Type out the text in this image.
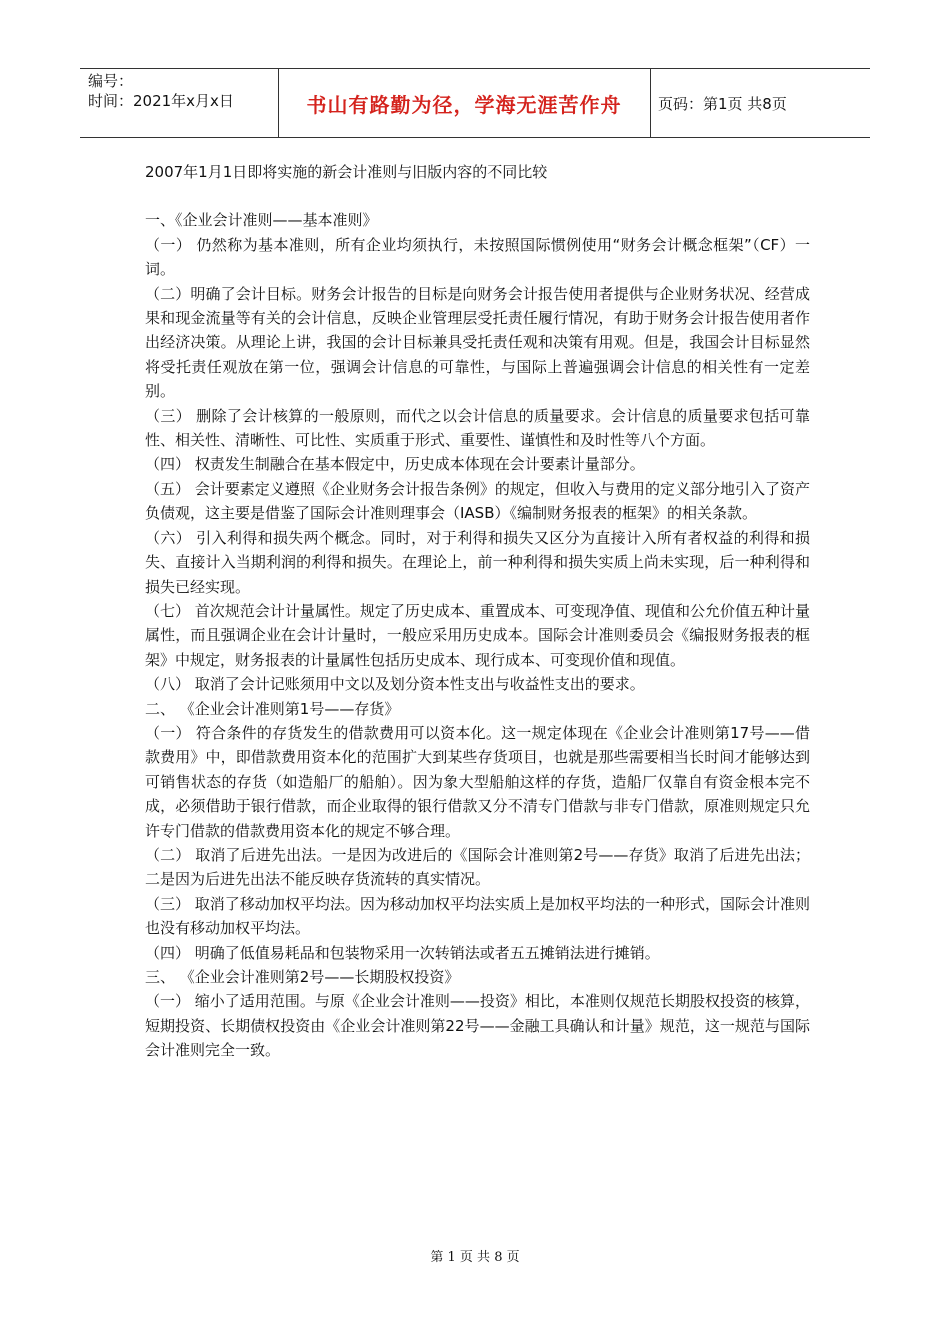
编号：
时间：2021年x月x日	书山有路勤为径，学海无涯苦作舟	页码：第1页 共8页

2007年1月1日即将实施的新会计准则与旧版内容的不同比较

一、《企业会计准则——基本准则》

（一） 仍然称为基本准则，所有企业均须执行，未按照国际惯例使用“财务会计概念框架”（CF）一词。

（二）明确了会计目标。财务会计报告的目标是向财务会计报告使用者提供与企业财务状况、经营成果和现金流量等有关的会计信息，反映企业管理层受托责任履行情况，有助于财务会计报告使用者作出经济决策。从理论上讲，我国的会计目标兼具受托责任观和决策有用观。但是，我国会计目标显然将受托责任观放在第一位，强调会计信息的可靠性，与国际上普遍强调会计信息的相关性有一定差别。

（三） 删除了会计核算的一般原则，而代之以会计信息的质量要求。会计信息的质量要求包括可靠性、相关性、清晰性、可比性、实质重于形式、重要性、谨慎性和及时性等八个方面。

（四） 权责发生制融合在基本假定中，历史成本体现在会计要素计量部分。

（五） 会计要素定义遵照《企业财务会计报告条例》的规定，但收入与费用的定义部分地引入了资产负债观，这主要是借鉴了国际会计准则理事会（IASB）《编制财务报表的框架》的相关条款。

（六） 引入利得和损失两个概念。同时，对于利得和损失又区分为直接计入所有者权益的利得和损失、直接计入当期利润的利得和损失。在理论上，前一种利得和损失实质上尚未实现，后一种利得和损失已经实现。

（七） 首次规范会计计量属性。规定了历史成本、重置成本、可变现净值、现值和公允价值五种计量属性，而且强调企业在会计计量时，一般应采用历史成本。国际会计准则委员会《编报财务报表的框架》中规定，财务报表的计量属性包括历史成本、现行成本、可变现价值和现值。

（八） 取消了会计记账须用中文以及划分资本性支出与收益性支出的要求。

二、 《企业会计准则第1号——存货》

（一） 符合条件的存货发生的借款费用可以资本化。这一规定体现在《企业会计准则第17号——借款费用》中，即借款费用资本化的范围扩大到某些存货项目，也就是那些需要相当长时间才能够达到可销售状态的存货（如造船厂的船舶）。因为象大型船舶这样的存货，造船厂仅靠自有资金根本完不成，必须借助于银行借款，而企业取得的银行借款又分不清专门借款与非专门借款，原准则规定只允许专门借款的借款费用资本化的规定不够合理。

（二） 取消了后进先出法。一是因为改进后的《国际会计准则第2号——存货》取消了后进先出法；二是因为后进先出法不能反映存货流转的真实情况。

（三） 取消了移动加权平均法。因为移动加权平均法实质上是加权平均法的一种形式，国际会计准则也没有移动加权平均法。

（四） 明确了低值易耗品和包装物采用一次转销法或者五五摊销法进行摊销。

三、 《企业会计准则第2号——长期股权投资》

（一） 缩小了适用范围。与原《企业会计准则——投资》相比，本准则仅规范长期股权投资的核算，短期投资、长期债权投资由《企业会计准则第22号——金融工具确认和计量》规范，这一规范与国际会计准则完全一致。

第 1 页 共 8 页
